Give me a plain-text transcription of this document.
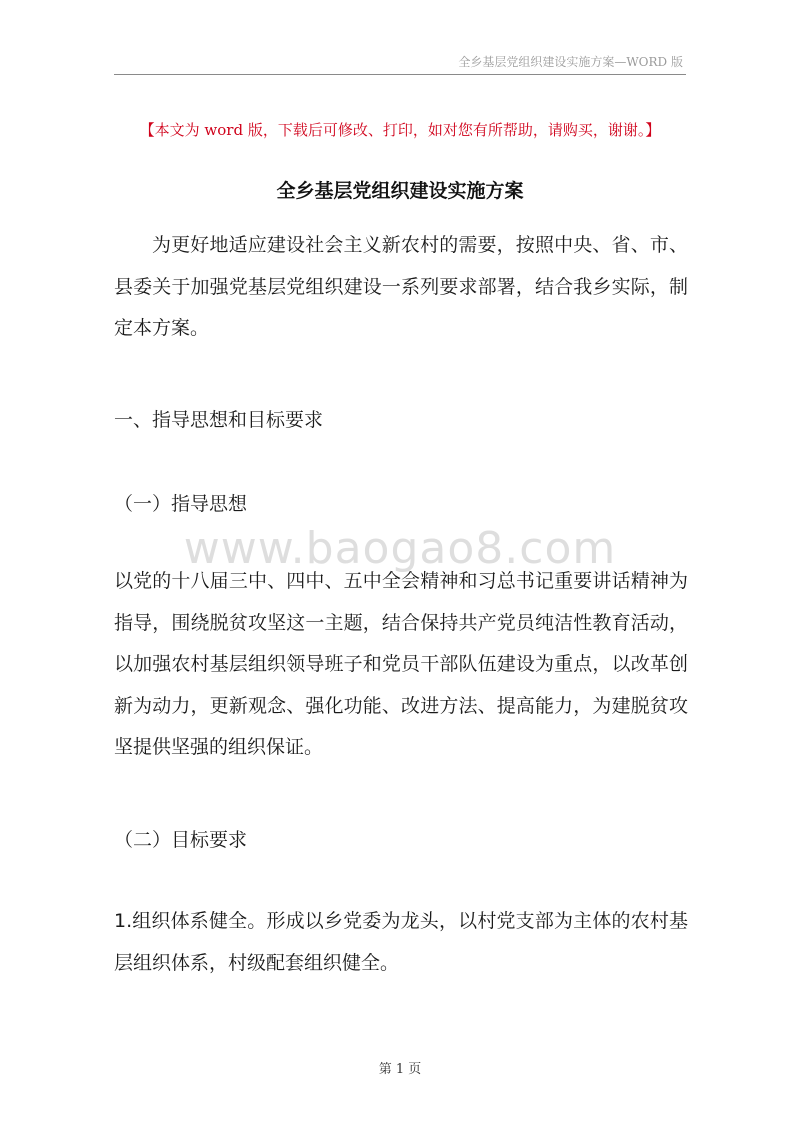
全乡基层党组织建设实施方案—WORD 版
【本文为 word 版，下载后可修改、打印，如对您有所帮助，请购买，谢谢。】
全乡基层党组织建设实施方案
为更好地适应建设社会主义新农村的需要，按照中央、省、市、县委关于加强党基层党组织建设一系列要求部署，结合我乡实际，制定本方案。
一、指导思想和目标要求
（一）指导思想
www.baogao8.com
以党的十八届三中、四中、五中全会精神和习总书记重要讲话精神为指导，围绕脱贫攻坚这一主题，结合保持共产党员纯洁性教育活动，以加强农村基层组织领导班子和党员干部队伍建设为重点，以改革创新为动力，更新观念、强化功能、改进方法、提高能力，为建脱贫攻坚提供坚强的组织保证。
（二）目标要求
1.组织体系健全。形成以乡党委为龙头，以村党支部为主体的农村基层组织体系，村级配套组织健全。
第 1 页
